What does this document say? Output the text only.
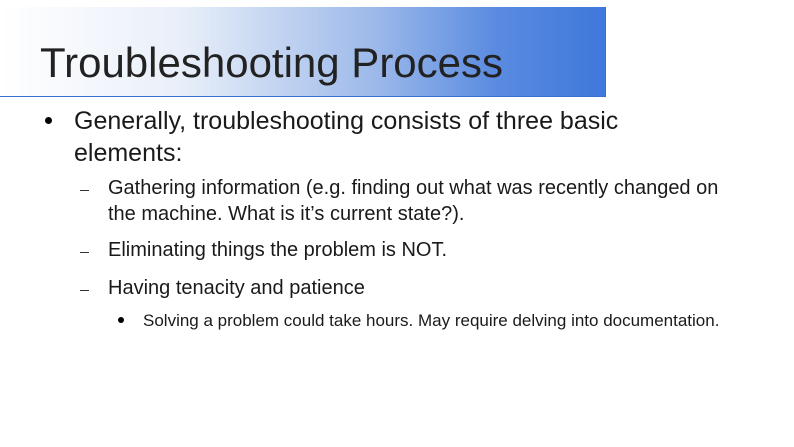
Troubleshooting Process

Generally, troubleshooting consists of three basic elements:

Gathering information (e.g. finding out what was recently changed on the machine. What is it’s current state?).

Eliminating things the problem is NOT.

Having tenacity and patience

Solving a problem could take hours. May require delving into documentation.
